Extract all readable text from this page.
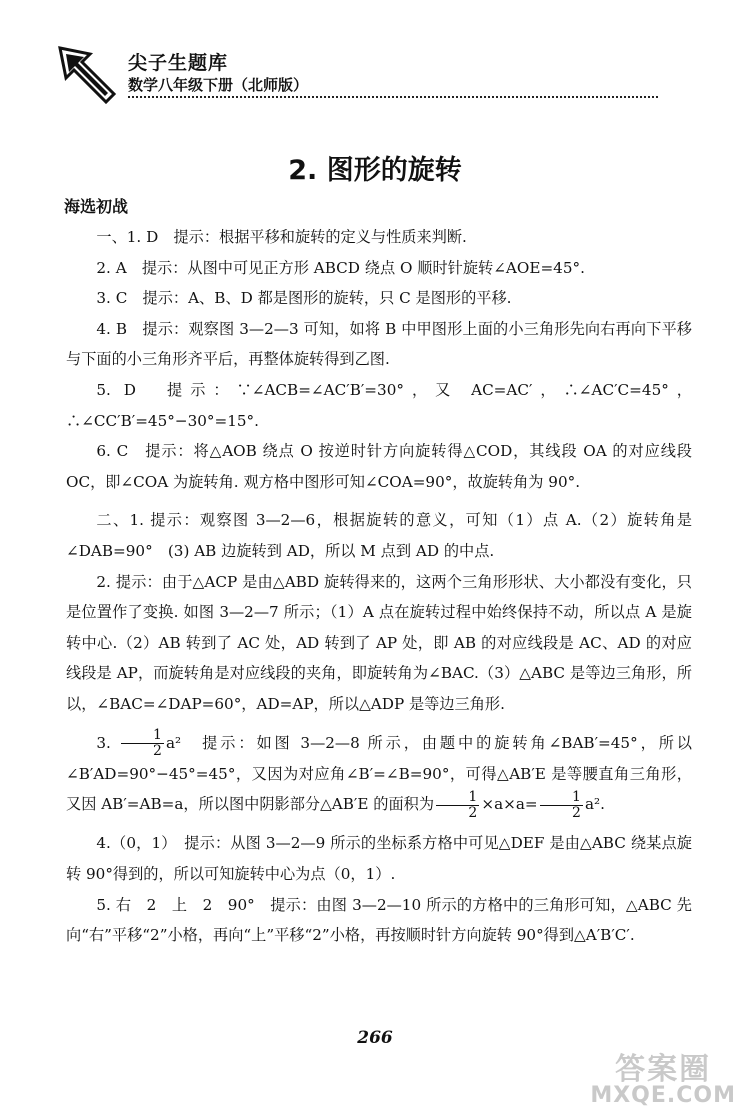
尖子生题库
数学八年级下册（北师版）
2. 图形的旋转
海选初战

一、1. D　提示：根据平移和旋转的定义与性质来判断.

2. A　提示：从图中可见正方形 ABCD 绕点 O 顺时针旋转∠AOE=45°.

3. C　提示：A、B、D 都是图形的旋转，只 C 是图形的平移.

4. B　提示：观察图 3—2—3 可知，如将 B 中甲图形上面的小三角形先向右再向下平移与下面的小三角形齐平后，再整体旋转得到乙图.

5. D　提示：∵∠ACB=∠AC′B′=30°，又 AC=AC′，∴∠AC′C=45°，∴∠CC′B′=45°−30°=15°.

6. C　提示：将△AOB 绕点 O 按逆时针方向旋转得△COD，其线段 OA 的对应线段 OC，即∠COA 为旋转角. 观方格中图形可知∠COA=90°，故旋转角为 90°.

二、1. 提示：观察图 3—2—6，根据旋转的意义，可知（1）点 A.（2）旋转角是∠DAB=90°　(3) AB 边旋转到 AD，所以 M 点到 AD 的中点.

2. 提示：由于△ACP 是由△ABD 旋转得来的，这两个三角形形状、大小都没有变化，只是位置作了变换. 如图 3—2—7 所示；（1）A 点在旋转过程中始终保持不动，所以点 A 是旋转中心.（2）AB 转到了 AC 处，AD 转到了 AP 处，即 AB 的对应线段是 AC、AD 的对应线段是 AP，而旋转角是对应线段的夹角，即旋转角为∠BAC.（3）△ABC 是等边三角形，所以，∠BAC=∠DAP=60°，AD=AP，所以△ADP 是等边三角形.

3. $\frac{1}{2} a^2$　提示：如图 3—2—8 所示，由题中的旋转角∠BAB′=45°，所以∠B′AD=90°−45°=45°，又因为对应角∠B′=∠B=90°，可得△AB′E 是等腰直角三角形，又因 AB′=AB=a，所以图中阴影部分△AB′E 的面积为 $\frac{1}{2} \times a\times a= \frac{1}{2} a^2$.

4.（0，1）　提示：从图 3—2—9 所示的坐标系方格中可见△DEF 是由△ABC 绕某点旋转 90°得到的，所以可知旋转中心为点（0，1）.

5. 右　2　上　2　90°　提示：由图 3—2—10 所示的方格中的三角形可知，△ABC 先向“右”平移“2”小格，再向“上”平移“2”小格，再按顺时针方向旋转 90°得到△A′B′C′.

266
答案圈
MXQE.COM
